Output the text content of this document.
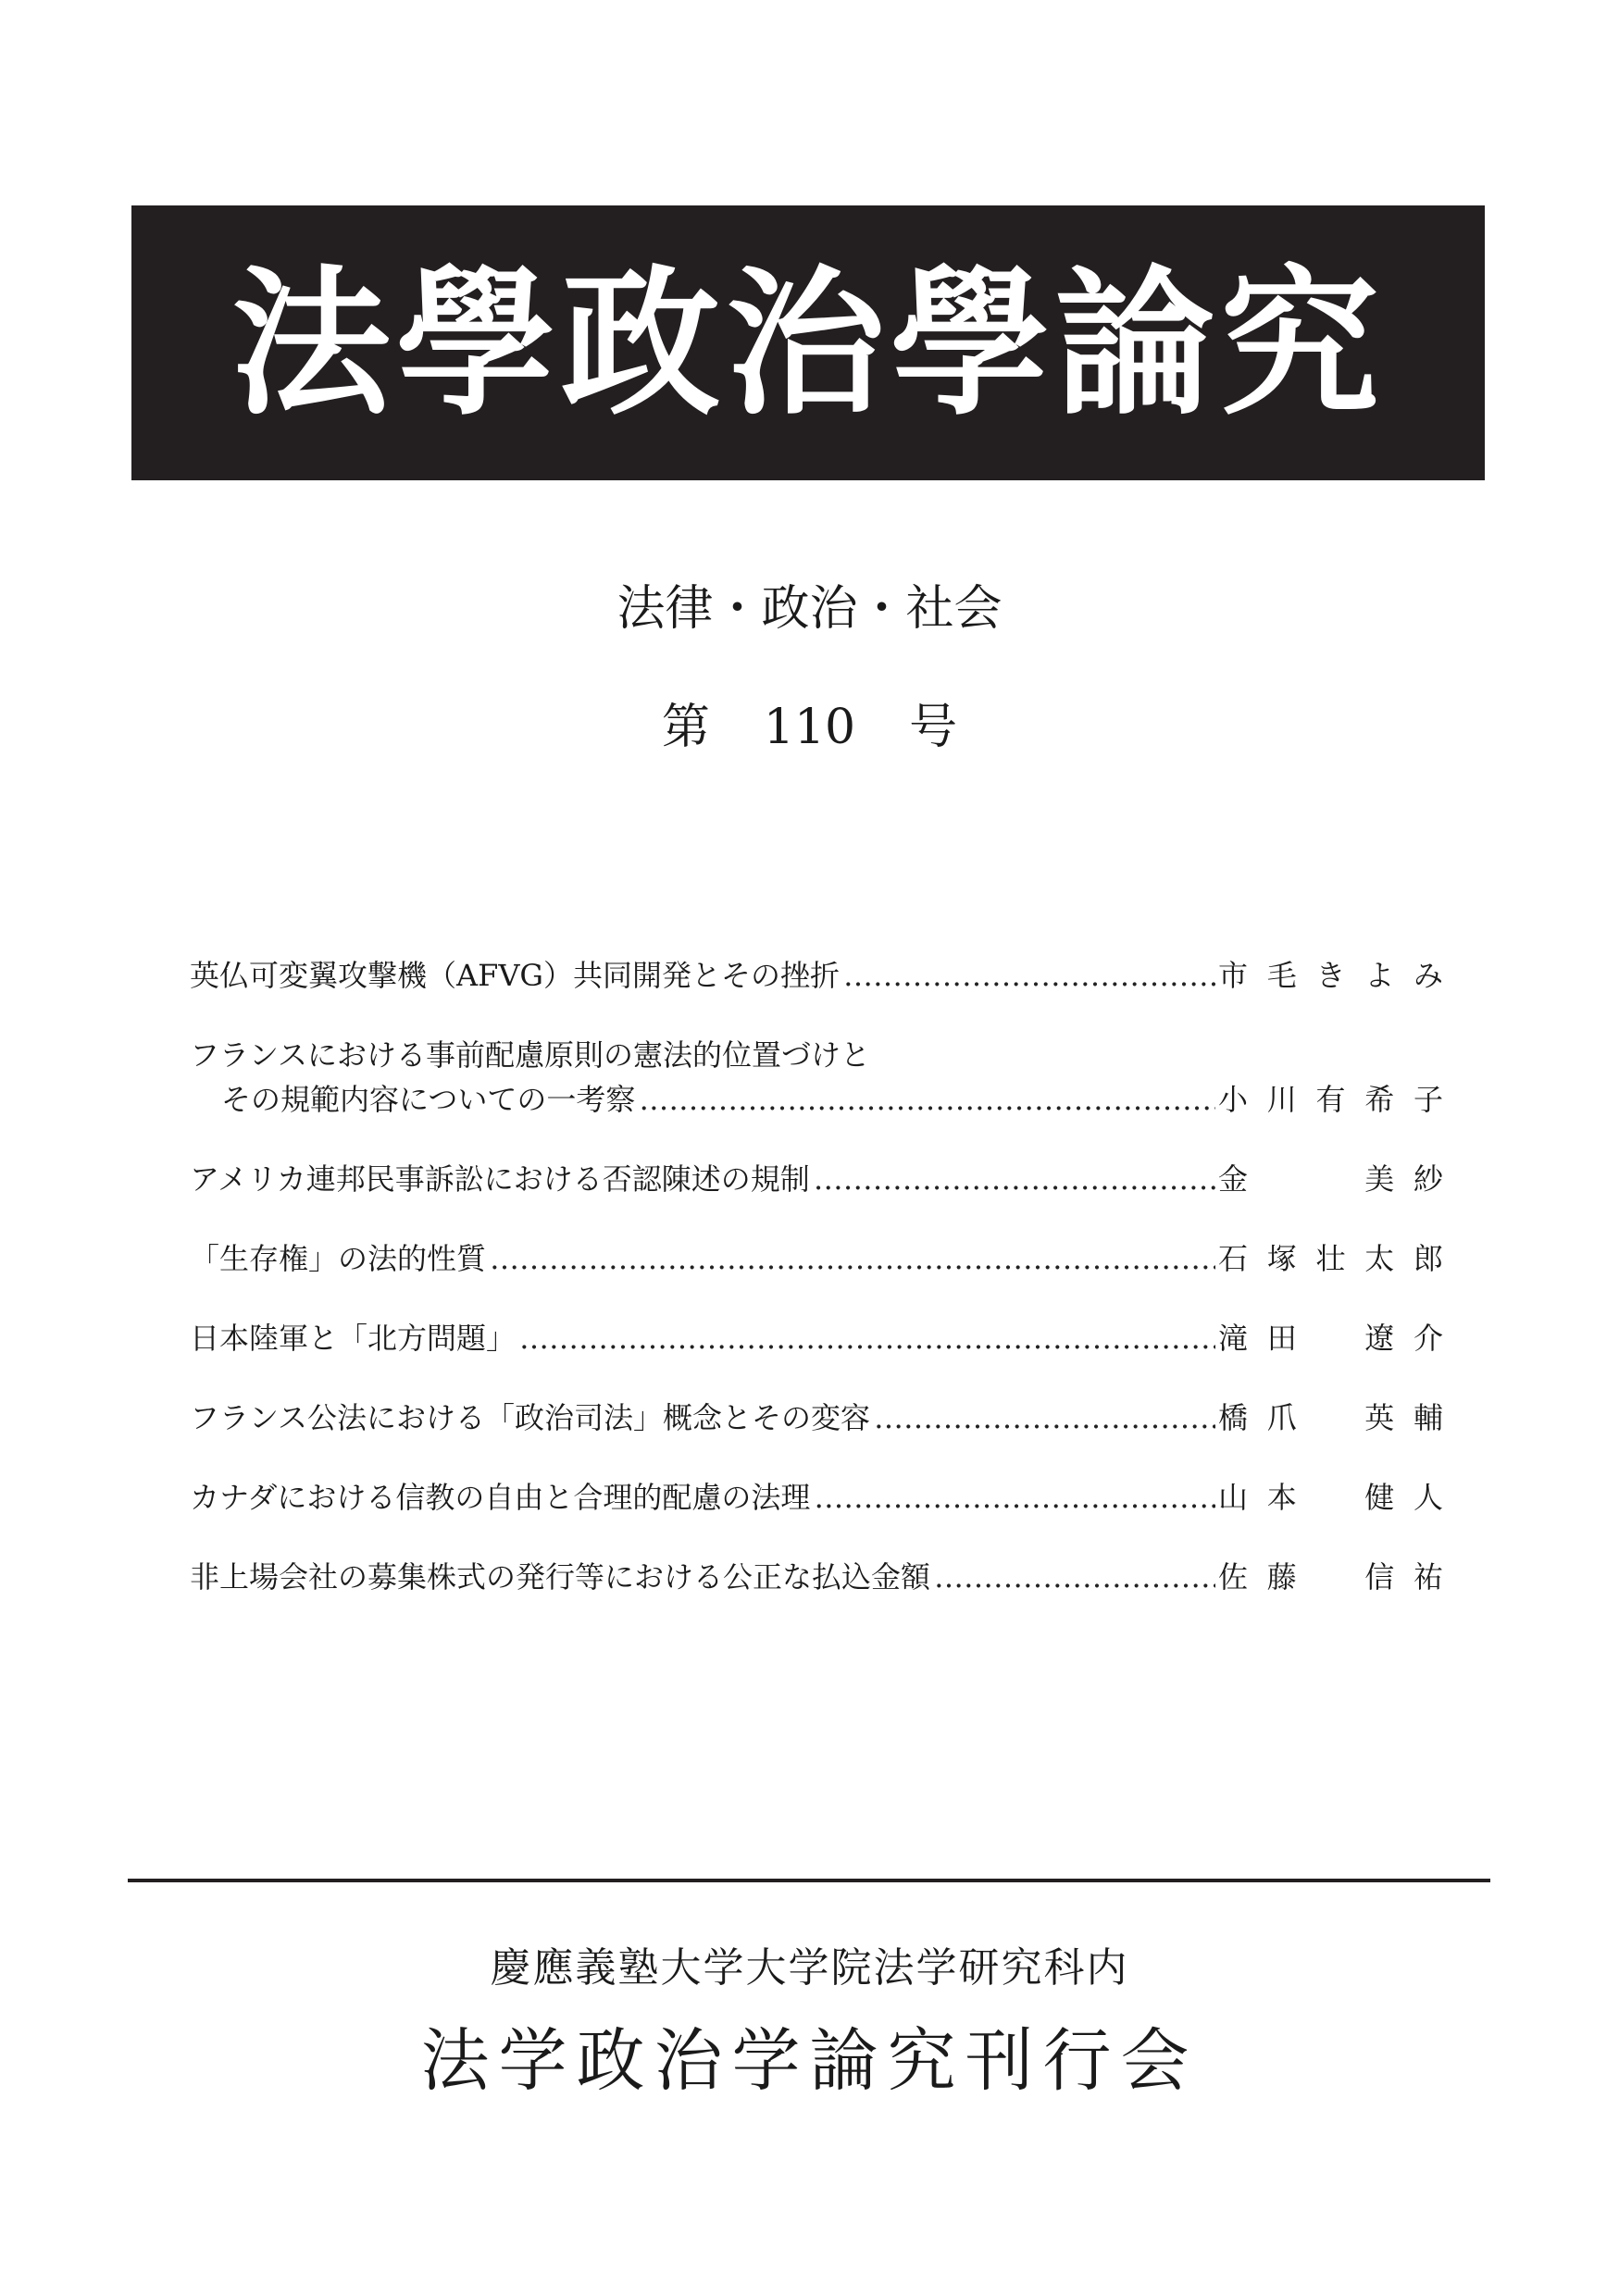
法學政治學論究
法律・政治・社会
第 110 号
英仏可変翼攻撃機（AFVG）共同開発とその挫折 ………………………………………………………………………………………………………………………………………………………	市 毛 き よ み
フランスにおける事前配慮原則の憲法的位置づけと
その規範内容についての一考察 ………………………………………………………………………………………………………………………………………………………	小 川 有 希 子
アメリカ連邦民事訴訟における否認陳述の規制 ………………………………………………………………………………………………………………………………………………………	金	美 紗
「生存権」の法的性質 ………………………………………………………………………………………………………………………………………………………	石 塚 壮 太 郎
日本陸軍と「北方問題」 ………………………………………………………………………………………………………………………………………………………	滝 田 遼 介
フランス公法における「政治司法」概念とその変容 ………………………………………………………………………………………………………………………………………………………	橋 爪 英 輔
カナダにおける信教の自由と合理的配慮の法理 ………………………………………………………………………………………………………………………………………………………	山 本 健 人
非上場会社の募集株式の発行等における公正な払込金額 ………………………………………………………………………………………………………………………………………………………	佐 藤 信 祐
慶應義塾大学大学院法学研究科内
法学政治学論究刊行会
